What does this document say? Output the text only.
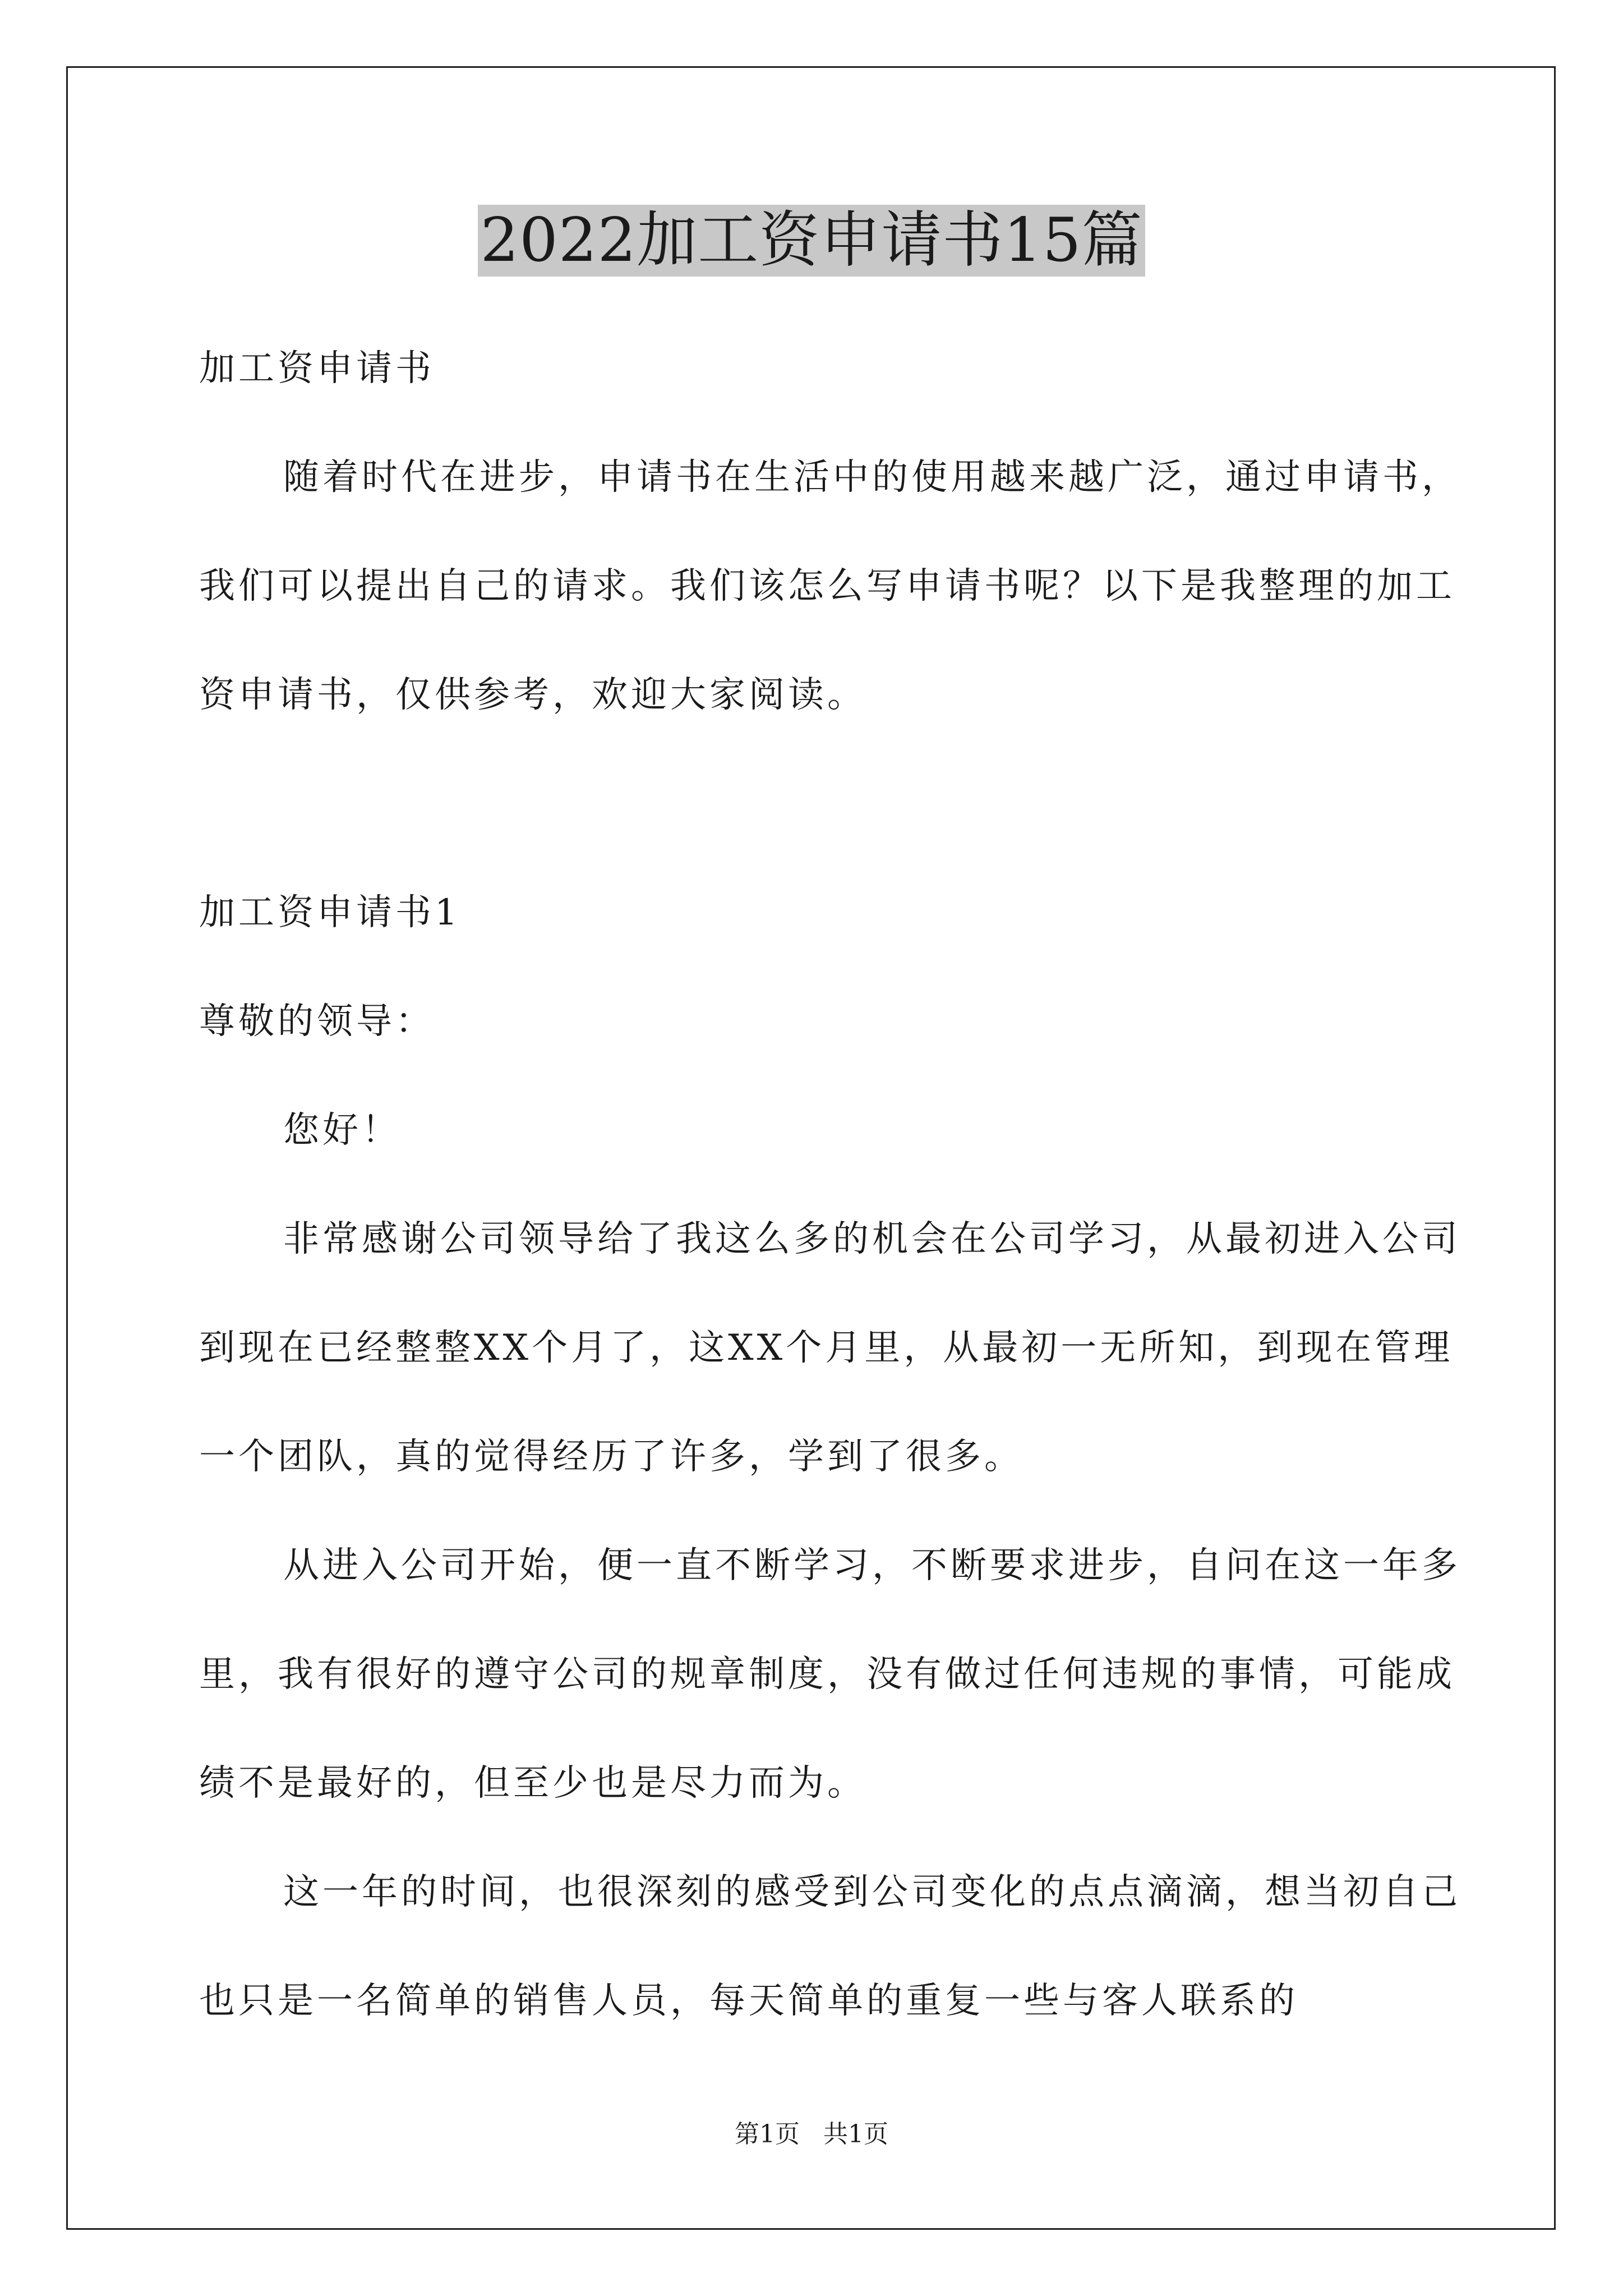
2022加工资申请书15篇

加工资申请书

随着时代在进步，申请书在生活中的使用越来越广泛，通过申请书，我们可以提出自己的请求。我们该怎么写申请书呢？以下是我整理的加工资申请书，仅供参考，欢迎大家阅读。

加工资申请书1

尊敬的领导：

您好！

非常感谢公司领导给了我这么多的机会在公司学习，从最初进入公司到现在已经整整XX个月了，这XX个月里，从最初一无所知，到现在管理一个团队，真的觉得经历了许多，学到了很多。

从进入公司开始，便一直不断学习，不断要求进步，自问在这一年多里，我有很好的遵守公司的规章制度，没有做过任何违规的事情，可能成绩不是最好的，但至少也是尽力而为。

这一年的时间，也很深刻的感受到公司变化的点点滴滴，想当初自己也只是一名简单的销售人员，每天简单的重复一些与客人联系的

第1页   共1页
